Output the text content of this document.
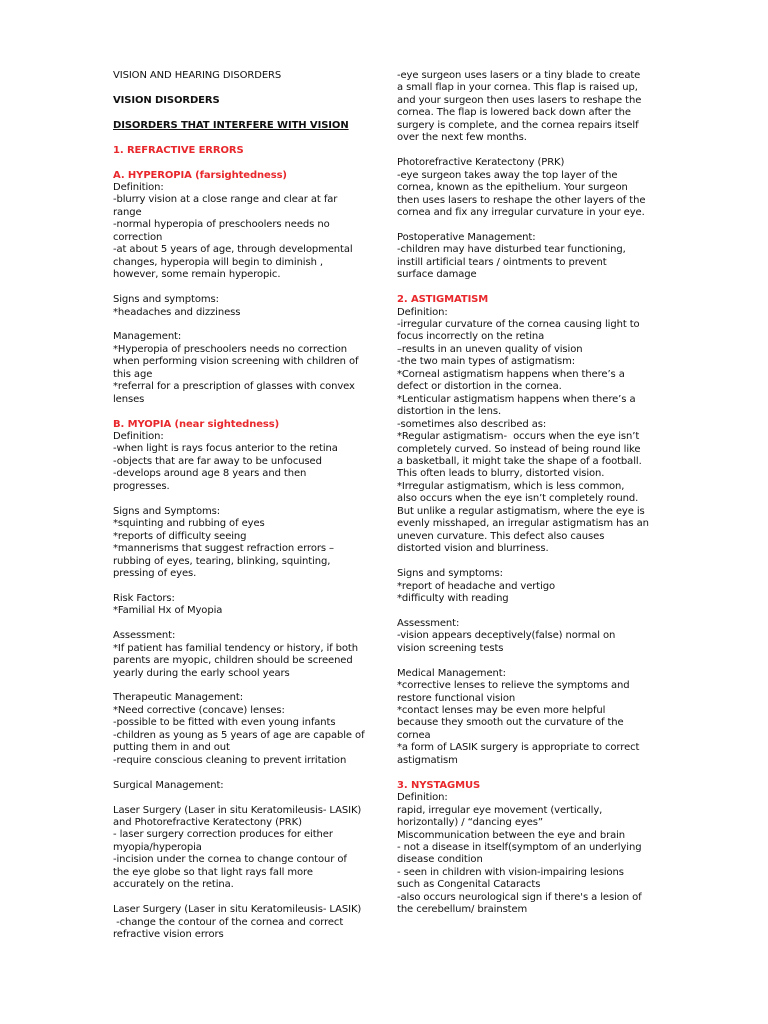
VISION AND HEARING DISORDERS
VISION DISORDERS
DISORDERS THAT INTERFERE WITH VISION
1. REFRACTIVE ERRORS
A. HYPEROPIA (farsightedness)
Definition:
-blurry vision at a close range and clear at far
range
-normal hyperopia of preschoolers needs no
correction
-at about 5 years of age, through developmental
changes, hyperopia will begin to diminish ,
however, some remain hyperopic.
Signs and symptoms:
*headaches and dizziness
Management:
*Hyperopia of preschoolers needs no correction
when performing vision screening with children of
this age
*referral for a prescription of glasses with convex
lenses
B. MYOPIA (near sightedness)
Definition:
-when light is rays focus anterior to the retina
-objects that are far away to be unfocused
-develops around age 8 years and then
progresses.
Signs and Symptoms:
*squinting and rubbing of eyes
*reports of difficulty seeing
*mannerisms that suggest refraction errors –
rubbing of eyes, tearing, blinking, squinting,
pressing of eyes.
Risk Factors:
*Familial Hx of Myopia
Assessment:
*If patient has familial tendency or history, if both
parents are myopic, children should be screened
yearly during the early school years
Therapeutic Management:
*Need corrective (concave) lenses:
-possible to be fitted with even young infants
-children as young as 5 years of age are capable of
putting them in and out
-require conscious cleaning to prevent irritation
Surgical Management:
Laser Surgery (Laser in situ Keratomileusis- LASIK)
and Photorefractive Keratectony (PRK)
- laser surgery correction produces for either
myopia/hyperopia
-incision under the cornea to change contour of
the eye globe so that light rays fall more
accurately on the retina.
Laser Surgery (Laser in situ Keratomileusis- LASIK)
-change the contour of the cornea and correct
refractive vision errors
-eye surgeon uses lasers or a tiny blade to create
a small flap in your cornea. This flap is raised up,
and your surgeon then uses lasers to reshape the
cornea. The flap is lowered back down after the
surgery is complete, and the cornea repairs itself
over the next few months.
Photorefractive Keratectony (PRK)
-eye surgeon takes away the top layer of the
cornea, known as the epithelium. Your surgeon
then uses lasers to reshape the other layers of the
cornea and fix any irregular curvature in your eye.
Postoperative Management:
-children may have disturbed tear functioning,
instill artificial tears / ointments to prevent
surface damage
2. ASTIGMATISM
Definition:
-irregular curvature of the cornea causing light to
focus incorrectly on the retina
–results in an uneven quality of vision
-the two main types of astigmatism:
*Corneal astigmatism happens when there’s a
defect or distortion in the cornea.
*Lenticular astigmatism happens when there’s a
distortion in the lens.
-sometimes also described as:
*Regular astigmatism-  occurs when the eye isn’t
completely curved. So instead of being round like
a basketball, it might take the shape of a football.
This often leads to blurry, distorted vision.
*Irregular astigmatism, which is less common,
also occurs when the eye isn’t completely round.
But unlike a regular astigmatism, where the eye is
evenly misshaped, an irregular astigmatism has an
uneven curvature. This defect also causes
distorted vision and blurriness.
Signs and symptoms:
*report of headache and vertigo
*difficulty with reading
Assessment:
-vision appears deceptively(false) normal on
vision screening tests
Medical Management:
*corrective lenses to relieve the symptoms and
restore functional vision
*contact lenses may be even more helpful
because they smooth out the curvature of the
cornea
*a form of LASIK surgery is appropriate to correct
astigmatism
3. NYSTAGMUS
Definition:
rapid, irregular eye movement (vertically,
horizontally) / “dancing eyes”
Miscommunication between the eye and brain
- not a disease in itself(symptom of an underlying
disease condition
- seen in children with vision-impairing lesions
such as Congenital Cataracts
-also occurs neurological sign if there's a lesion of
the cerebellum/ brainstem
